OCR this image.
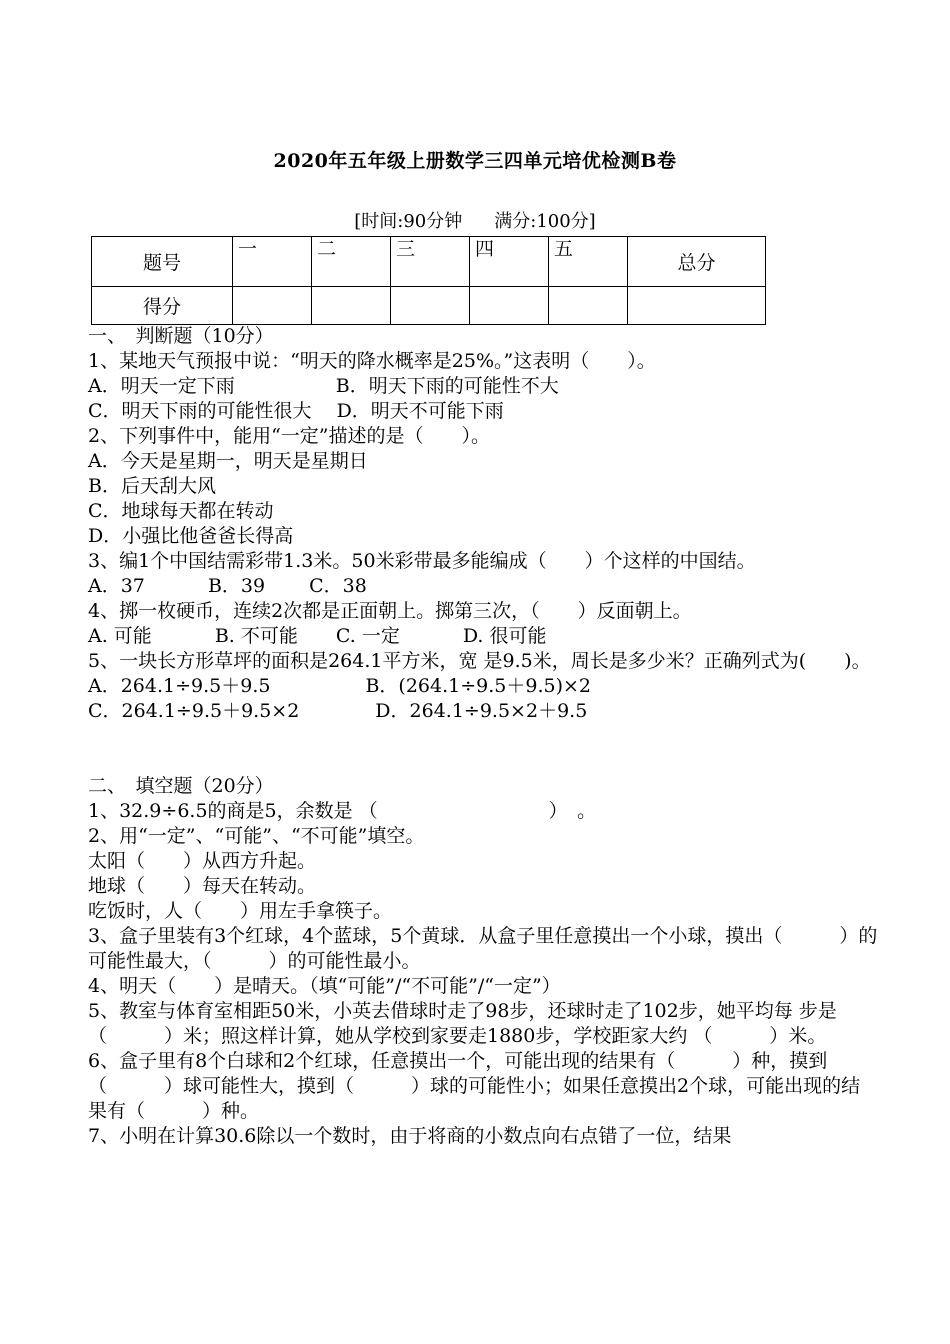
2020年五年级上册数学三四单元培优检测B卷
[时间:90分钟 满分:100分]
题号	一	二	三	四	五	总分
得分						
一、　判断题（10分）
1、某地天气预报中说：“明天的降水概率是25%。”这表明（　　）。
A．明天一定下雨　　　　　 B．明天下雨的可能性不大
C．明天下雨的可能性很大　 D．明天不可能下雨
2、下列事件中，能用“一定”描述的是（　　）。
A．今天是星期一，明天是星期日
B．后天刮大风
C．地球每天都在转动
D．小强比他爸爸长得高
3、编1个中国结需彩带1.3米。50米彩带最多能编成（　　）个这样的中国结。
A．37　　　 B．39　　 C．38
4、掷一枚硬币，连续2次都是正面朝上。掷第三次，（　　）反面朝上。
A. 可能　　　 B. 不可能　　C. 一定　　　 D. 很可能
5、一块长方形草坪的面积是264.1平方米，宽 是9.5米，周长是多少米？正确列式为(　　)。
A．264.1÷9.5＋9.5　　　　　B．(264.1÷9.5＋9.5)×2
C．264.1÷9.5＋9.5×2　　　　D．264.1÷9.5×2＋9.5
二、　填空题（20分）
1、32.9÷6.5的商是5，余数是 （　　　　　　　　　）　。
2、用“一定”、“可能”、“不可能”填空。
太阳（　　）从西方升起。
地球（　　）每天在转动。
吃饭时，人（　　）用左手拿筷子。
3、盒子里装有3个红球，4个蓝球，5个黄球．从盒子里任意摸出一个小球，摸出（　　　）的可能性最大，（　　　）的可能性最小。
4、明天（　　）是晴天。（填“可能”/“不可能”/“一定”）
5、教室与体育室相距50米，小英去借球时走了98步，还球时走了102步，她平均每 步是（　　　）米；照这样计算，她从学校到家要走1880步，学校距家大约 （　　　）米。
6、盒子里有8个白球和2个红球，任意摸出一个，可能出现的结果有（　　　）种，摸到（　　　）球可能性大，摸到（　　　）球的可能性小；如果任意摸出2个球，可能出现的结果有（　　　）种。
7、小明在计算30.6除以一个数时，由于将商的小数点向右点错了一位，结果
